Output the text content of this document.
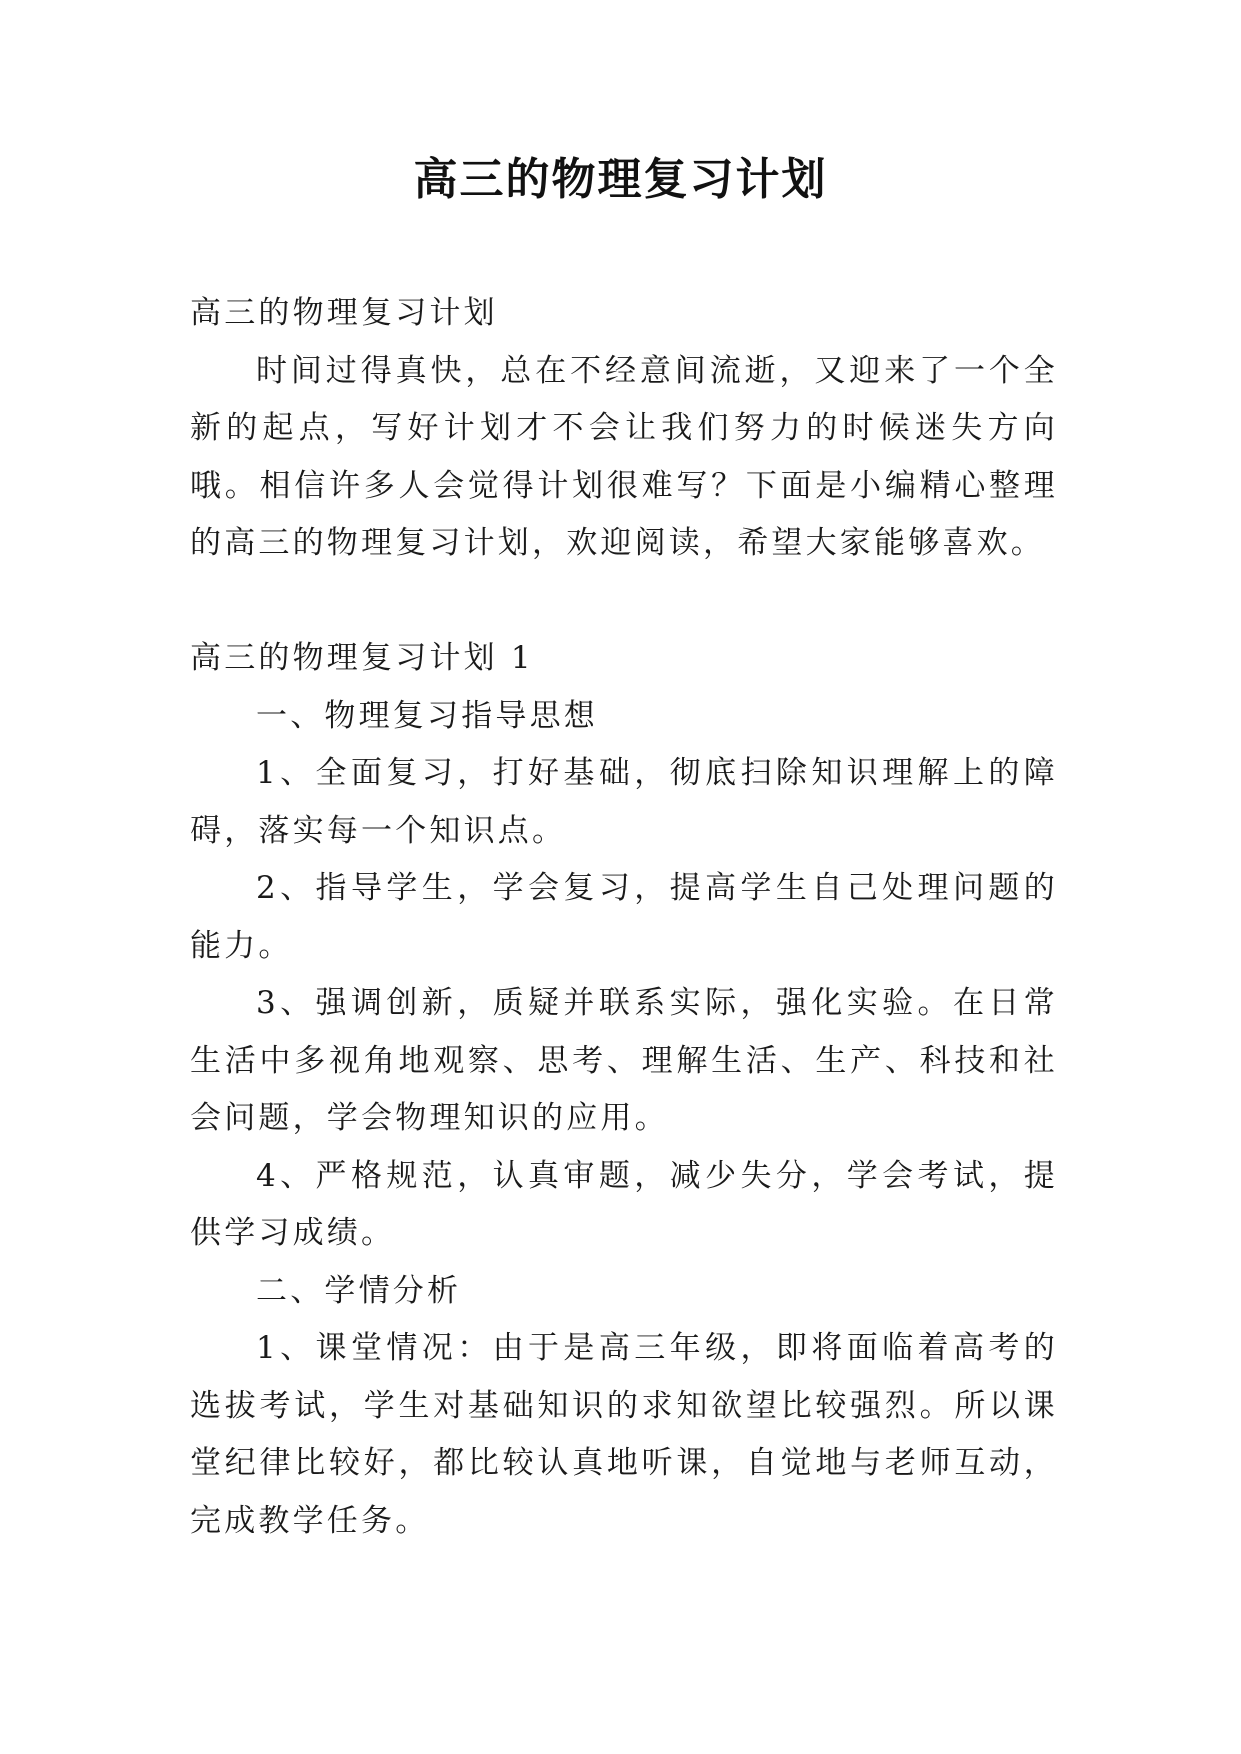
高三的物理复习计划

高三的物理复习计划

时间过得真快，总在不经意间流逝，又迎来了一个全新的起点，写好计划才不会让我们努力的时候迷失方向哦。相信许多人会觉得计划很难写？下面是小编精心整理的高三的物理复习计划，欢迎阅读，希望大家能够喜欢。

高三的物理复习计划 1

一、物理复习指导思想

1、全面复习，打好基础，彻底扫除知识理解上的障碍，落实每一个知识点。

2、指导学生，学会复习，提高学生自己处理问题的能力。

3、强调创新，质疑并联系实际，强化实验。在日常生活中多视角地观察、思考、理解生活、生产、科技和社会问题，学会物理知识的应用。

4、严格规范，认真审题，减少失分，学会考试，提供学习成绩。

二、学情分析

1、课堂情况：由于是高三年级，即将面临着高考的选拔考试，学生对基础知识的求知欲望比较强烈。所以课堂纪律比较好，都比较认真地听课，自觉地与老师互动，完成教学任务。
